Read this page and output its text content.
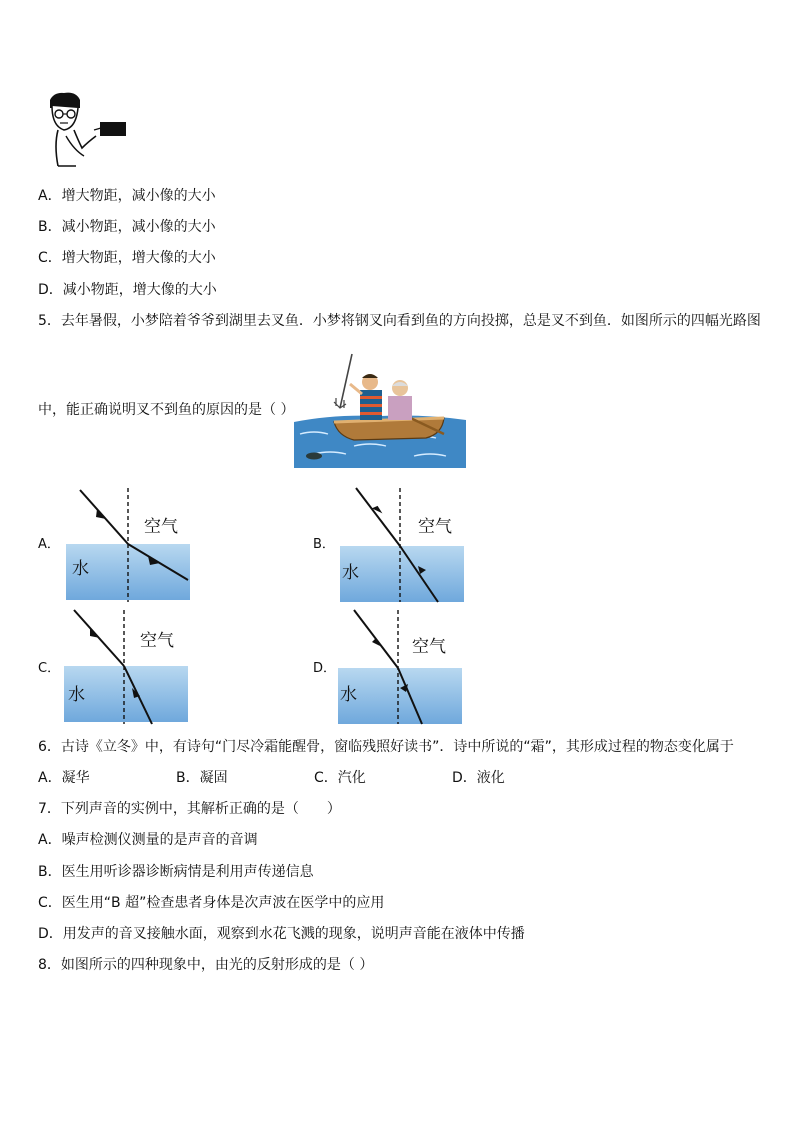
A．增大物距，减小像的大小
B．减小物距，减小像的大小
C．增大物距，增大像的大小
D．减小物距，增大像的大小
5．去年暑假，小梦陪着爷爷到湖里去叉鱼．小梦将钢叉向看到鱼的方向投掷，总是叉不到鱼．如图所示的四幅光路图
中，能正确说明叉不到鱼的原因的是（ ）
A．
空气
水
B．
空气
水
C．
空气
水
D．
空气
水
6．古诗《立冬》中，有诗句“门尽冷霜能醒骨，窗临残照好读书”．诗中所说的“霜”，其形成过程的物态变化属于
A．凝华	B．凝固	C．汽化	D．液化
7．下列声音的实例中，其解析正确的是（　　）
A．噪声检测仪测量的是声音的音调
B．医生用听诊器诊断病情是利用声传递信息
C．医生用“B 超”检查患者身体是次声波在医学中的应用
D．用发声的音叉接触水面，观察到水花飞溅的现象，说明声音能在液体中传播
8．如图所示的四种现象中，由光的反射形成的是（ ）
